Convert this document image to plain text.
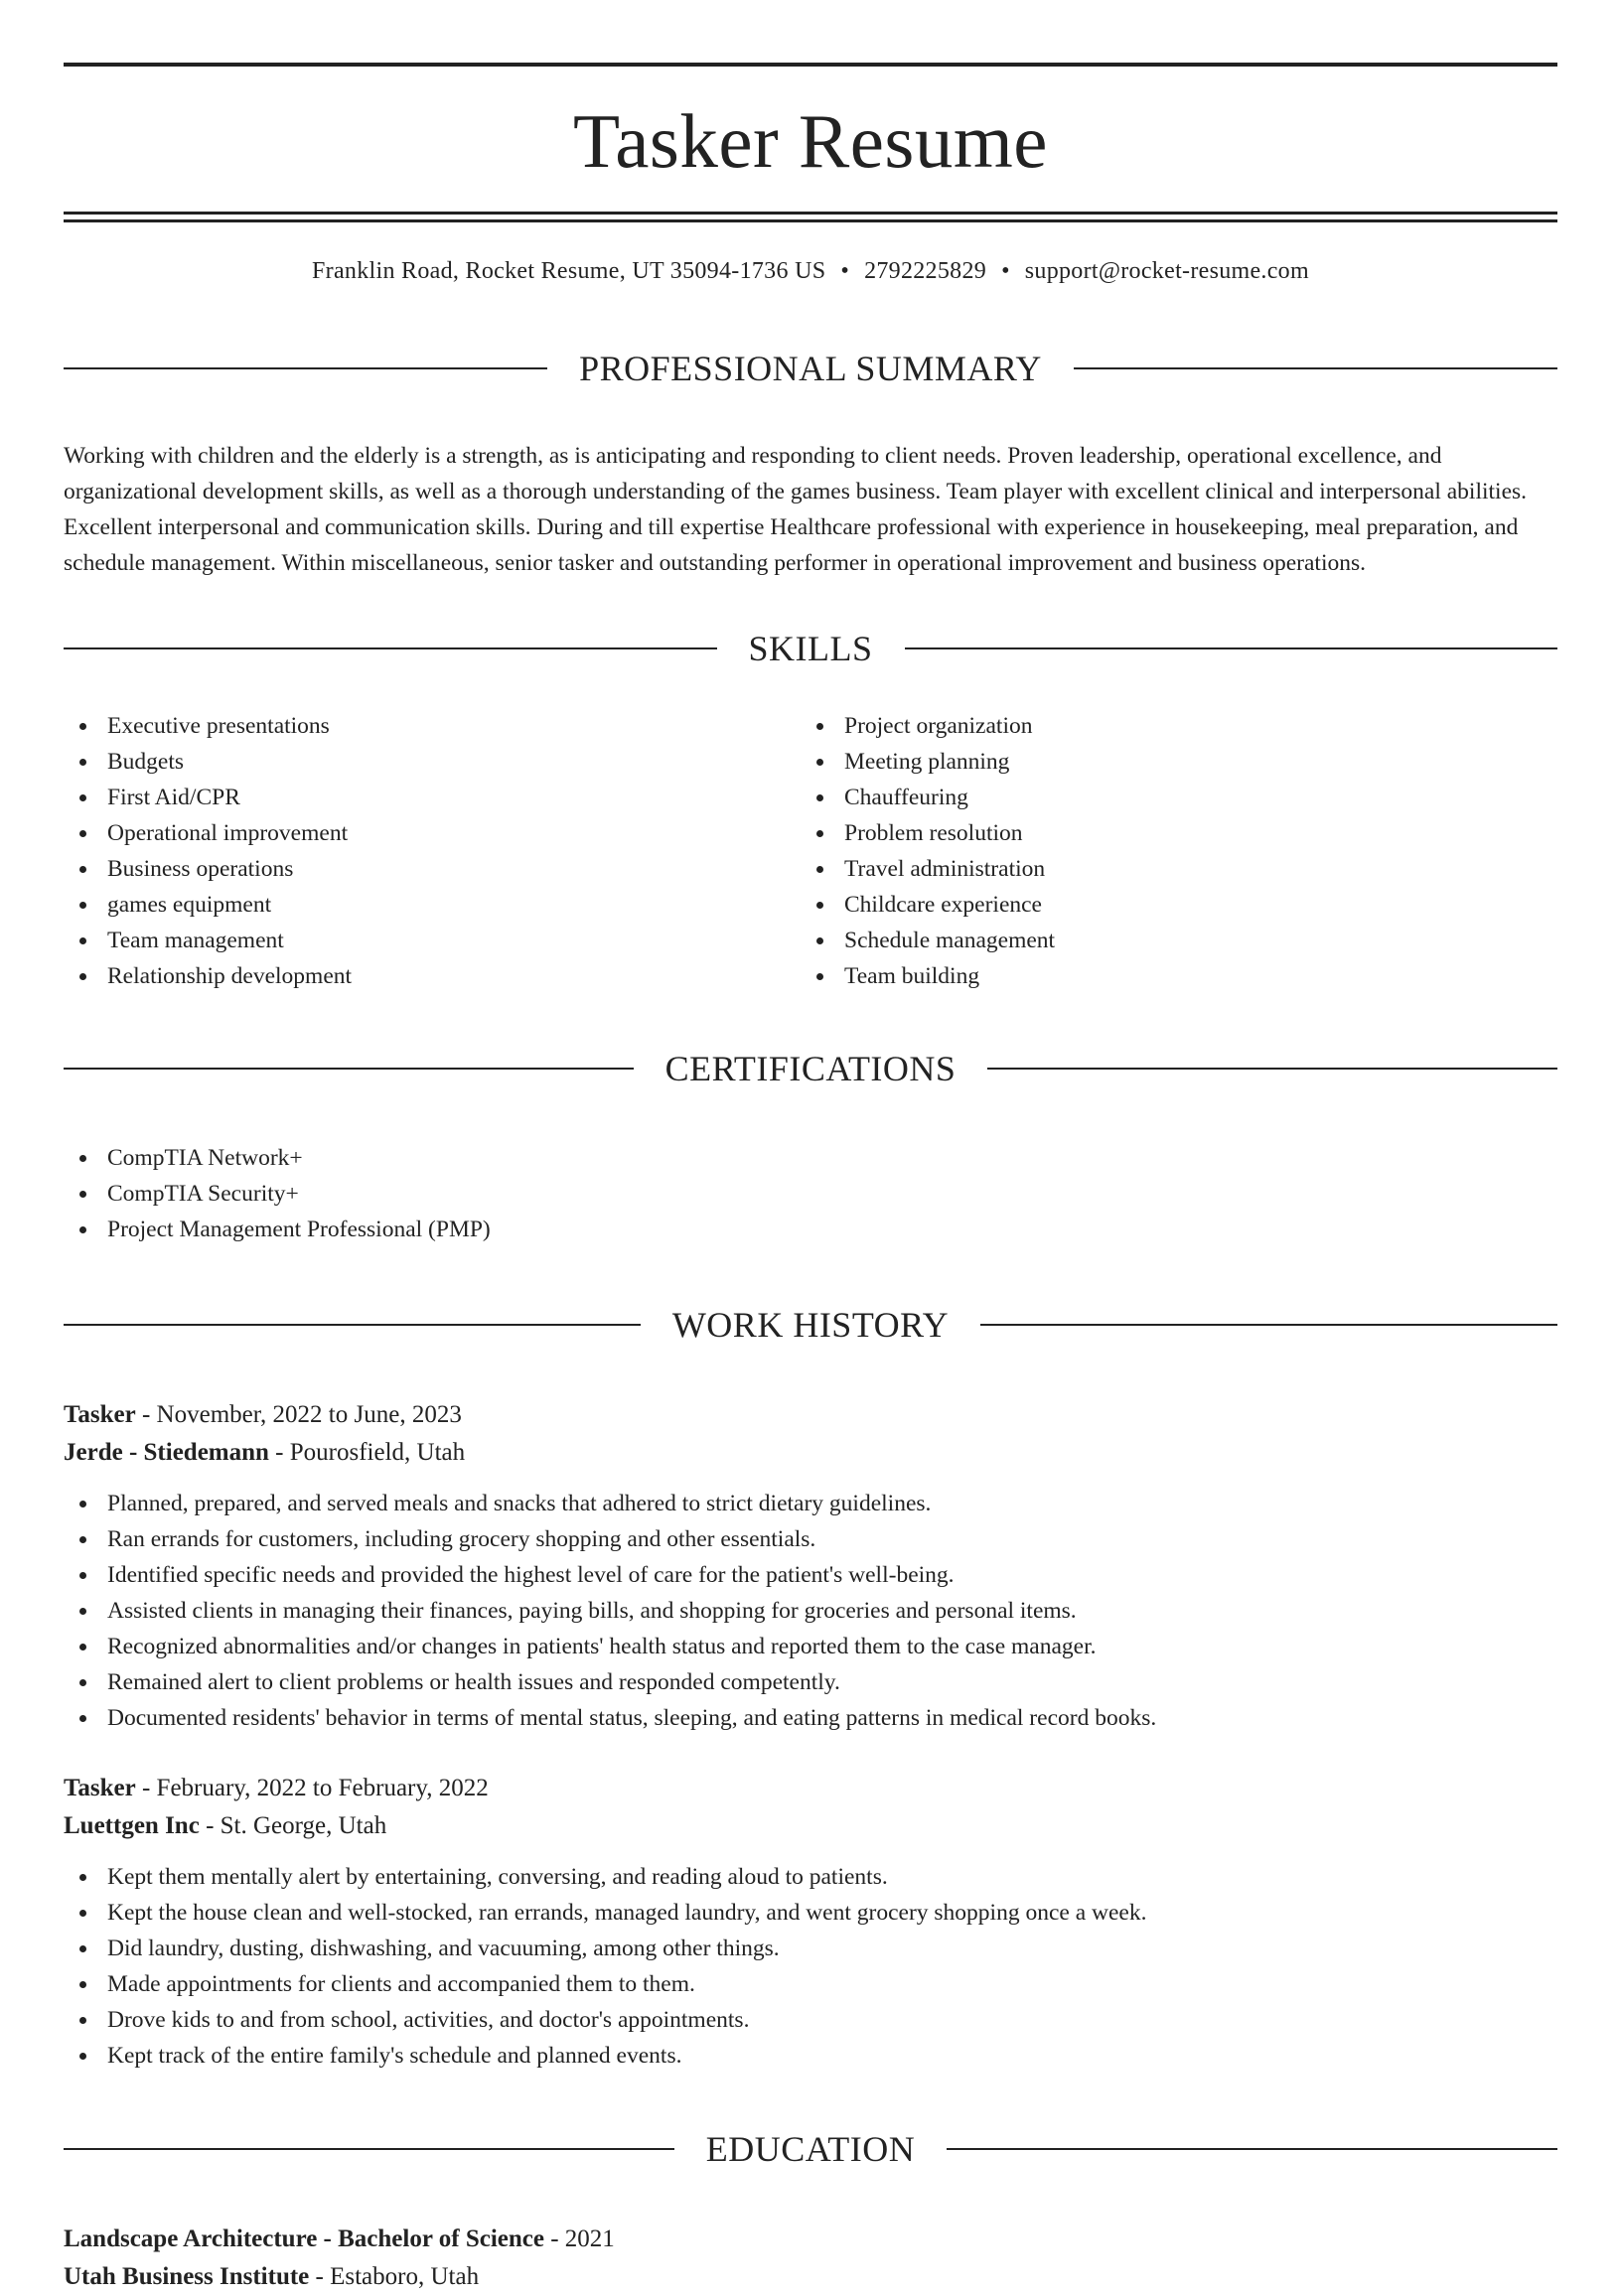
Tasker Resume
Franklin Road, Rocket Resume, UT 35094-1736 US • 2792225829 • support@rocket-resume.com
PROFESSIONAL SUMMARY

Working with children and the elderly is a strength, as is anticipating and responding to client needs. Proven leadership, operational excellence, and organizational development skills, as well as a thorough understanding of the games business. Team player with excellent clinical and interpersonal abilities. Excellent interpersonal and communication skills. During and till expertise Healthcare professional with experience in housekeeping, meal preparation, and schedule management. Within miscellaneous, senior tasker and outstanding performer in operational improvement and business operations.

SKILLS
Executive presentations
Budgets
First Aid/CPR
Operational improvement
Business operations
games equipment
Team management
Relationship development
Project organization
Meeting planning
Chauffeuring
Problem resolution
Travel administration
Childcare experience
Schedule management
Team building
CERTIFICATIONS
CompTIA Network+
CompTIA Security+
Project Management Professional (PMP)
WORK HISTORY
Tasker - November, 2022 to June, 2023
Jerde - Stiedemann - Pourosfield, Utah
Planned, prepared, and served meals and snacks that adhered to strict dietary guidelines.
Ran errands for customers, including grocery shopping and other essentials.
Identified specific needs and provided the highest level of care for the patient's well-being.
Assisted clients in managing their finances, paying bills, and shopping for groceries and personal items.
Recognized abnormalities and/or changes in patients' health status and reported them to the case manager.
Remained alert to client problems or health issues and responded competently.
Documented residents' behavior in terms of mental status, sleeping, and eating patterns in medical record books.
Tasker - February, 2022 to February, 2022
Luettgen Inc - St. George, Utah
Kept them mentally alert by entertaining, conversing, and reading aloud to patients.
Kept the house clean and well-stocked, ran errands, managed laundry, and went grocery shopping once a week.
Did laundry, dusting, dishwashing, and vacuuming, among other things.
Made appointments for clients and accompanied them to them.
Drove kids to and from school, activities, and doctor's appointments.
Kept track of the entire family's schedule and planned events.
EDUCATION
Landscape Architecture - Bachelor of Science - 2021
Utah Business Institute - Estaboro, Utah
